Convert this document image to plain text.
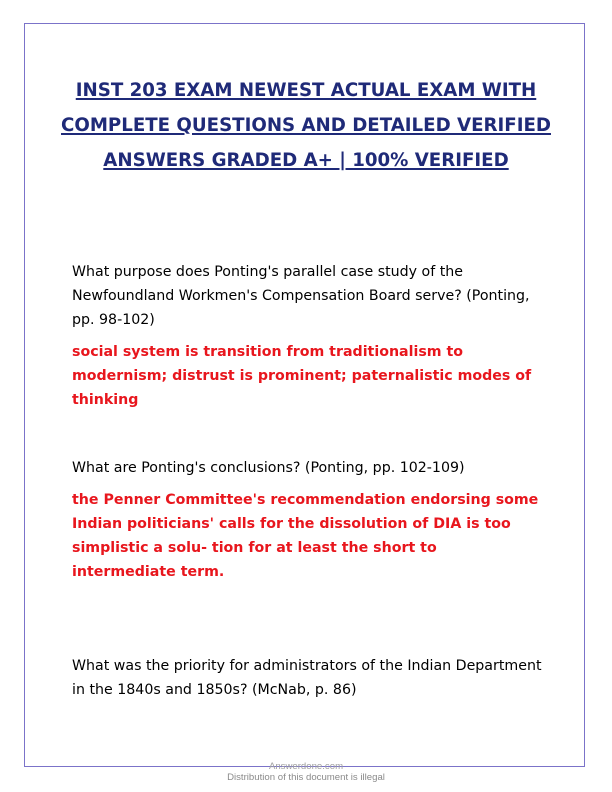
INST 203 EXAM NEWEST ACTUAL EXAM WITH COMPLETE QUESTIONS AND DETAILED VERIFIED ANSWERS GRADED A+ | 100% VERIFIED

What purpose does Ponting's parallel case study of the Newfoundland Workmen's Compensation Board serve? (Ponting, pp. 98-102)

social system is transition from traditionalism to modernism; distrust is prominent; paternalistic modes of thinking

What are Ponting's conclusions? (Ponting, pp. 102-109)

the Penner Committee's recommendation endorsing some Indian politicians' calls for the dissolution of DIA is too simplistic a solu- tion for at least the short to intermediate term.

What was the priority for administrators of the Indian Department in the 1840s and 1850s? (McNab, p. 86)

Answerdone.com
Distribution of this document is illegal
